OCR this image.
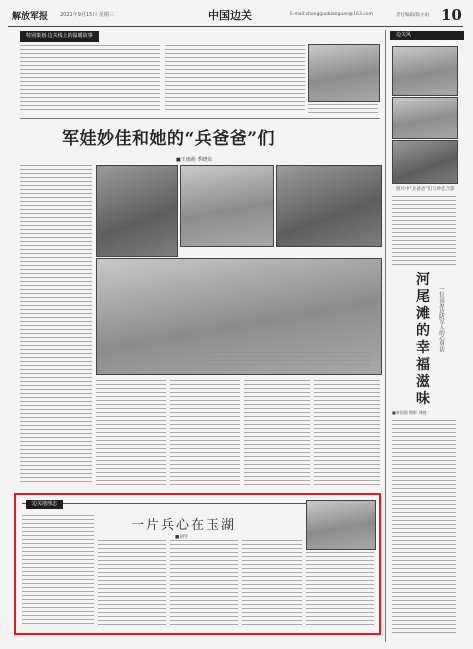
解放军报 2021年9月15日 星期三	中国边关	E-mail:zhongguobianguan@163.com	责任编辑/陈小雨 10
特别策划·边关线上的温暖故事
军娃妙佳和她的“兵爸爸”们
■王雨萌 季晓东
边关风
照片中“兵爸爸”们与妙佳合影
河尾滩的幸福滋味
一位高原边防军人的心里话
■李国强 摄影 刘晓
边关地理志
一片兵心在玉湖
■刘宇
